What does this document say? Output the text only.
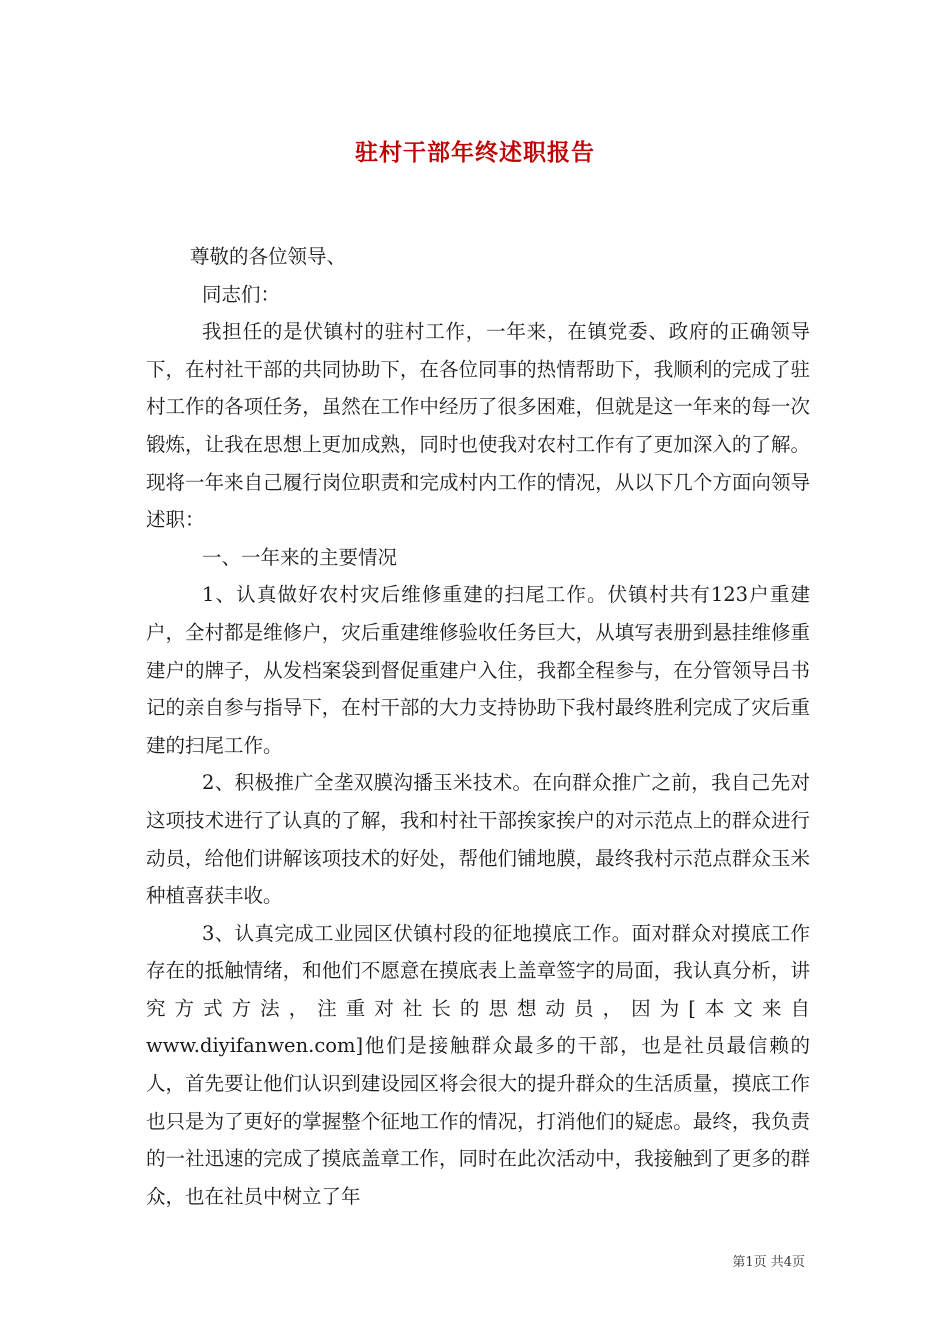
驻村干部年终述职报告

尊敬的各位领导、

同志们：

我担任的是伏镇村的驻村工作，一年来，在镇党委、政府的正确领导下，在村社干部的共同协助下，在各位同事的热情帮助下，我顺利的完成了驻村工作的各项任务，虽然在工作中经历了很多困难，但就是这一年来的每一次锻炼，让我在思想上更加成熟，同时也使我对农村工作有了更加深入的了解。现将一年来自己履行岗位职责和完成村内工作的情况，从以下几个方面向领导述职：

一、一年来的主要情况

1、认真做好农村灾后维修重建的扫尾工作。伏镇村共有123户重建户，全村都是维修户，灾后重建维修验收任务巨大，从填写表册到悬挂维修重建户的牌子，从发档案袋到督促重建户入住，我都全程参与，在分管领导吕书记的亲自参与指导下，在村干部的大力支持协助下我村最终胜利完成了灾后重建的扫尾工作。

2、积极推广全垄双膜沟播玉米技术。在向群众推广之前，我自己先对这项技术进行了认真的了解，我和村社干部挨家挨户的对示范点上的群众进行动员，给他们讲解该项技术的好处，帮他们铺地膜，最终我村示范点群众玉米种植喜获丰收。

3、认真完成工业园区伏镇村段的征地摸底工作。面对群众对摸底工作存在的抵触情绪，和他们不愿意在摸底表上盖章签字的局面，我认真分析，讲究方式方法，注重对社长的思想动员，因为[本文来自www.diyifanwen.com]他们是接触群众最多的干部，也是社员最信赖的人，首先要让他们认识到建设园区将会很大的提升群众的生活质量，摸底工作也只是为了更好的掌握整个征地工作的情况，打消他们的疑虑。最终，我负责的一社迅速的完成了摸底盖章工作，同时在此次活动中，我接触到了更多的群众，也在社员中树立了年

第1页 共4页
